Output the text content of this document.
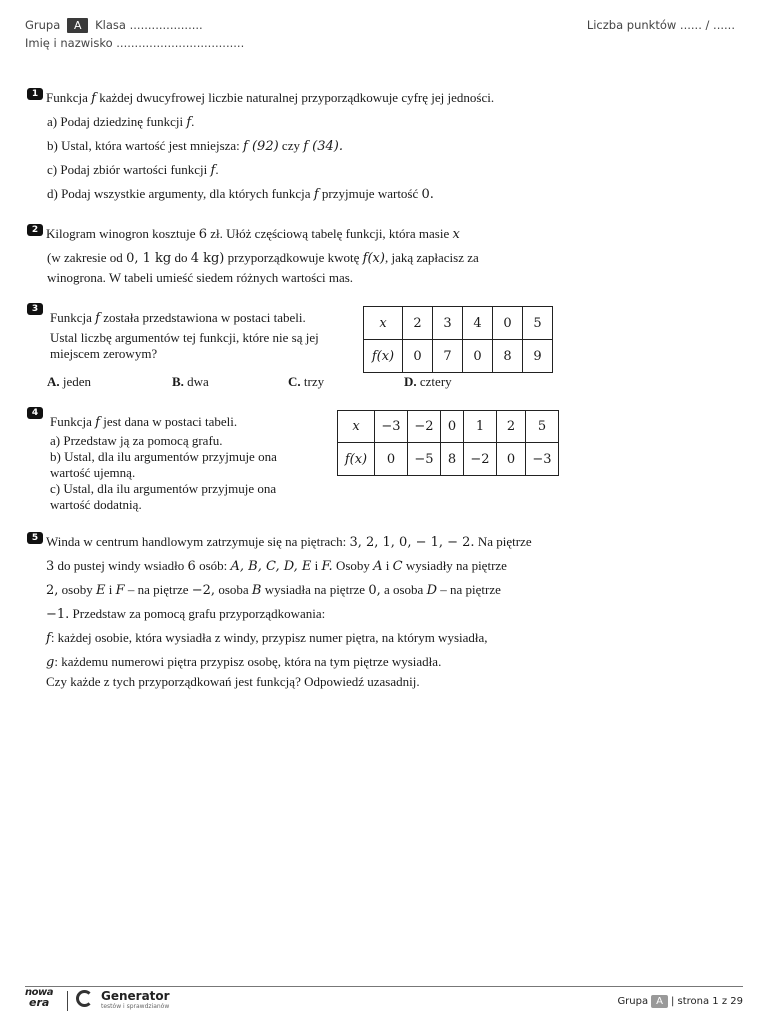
Grupa A Klasa ....................
Imię i nazwisko ...................................
Liczba punktów ...... / ......
1 Funkcja f każdej dwucyfrowej liczbie naturalnej przyporządkowuje cyfrę jej jedności.
a) Podaj dziedzinę funkcji f.
b) Ustal, która wartość jest mniejsza: f (92) czy f (34).
c) Podaj zbiór wartości funkcji f.
d) Podaj wszystkie argumenty, dla których funkcja f przyjmuje wartość 0.
2 Kilogram winogron kosztuje 6 zł. Ułóż częściową tabelę funkcji, która masie x
(w zakresie od 0, 1 kg do 4 kg) przyporządkowuje kwotę f(x), jaką zapłacisz za
winogrona. W tabeli umieść siedem różnych wartości mas.
3
Funkcja f została przedstawiona w postaci tabeli.
Ustal liczbę argumentów tej funkcji, które nie są jej
miejscem zerowym?
x	2	3	4	0	5
f(x)	0	7	0	8	9
A. jeden	B. dwa	C. trzy	D. cztery
4
Funkcja f jest dana w postaci tabeli.
a) Przedstaw ją za pomocą grafu.
b) Ustal, dla ilu argumentów przyjmuje ona
wartość ujemną.
c) Ustal, dla ilu argumentów przyjmuje ona
wartość dodatnią.
x	−3	−2	0	1	2	5
f(x)	0	−5	8	−2	0	−3
5 Winda w centrum handlowym zatrzymuje się na piętrach: 3, 2, 1, 0, − 1, − 2. Na piętrze
3 do pustej windy wsiadło 6 osób: A, B, C, D, E i F. Osoby A i C wysiadły na piętrze
2, osoby E i F – na piętrze −2, osoba B wysiadła na piętrze 0, a osoba D – na piętrze
−1. Przedstaw za pomocą grafu przyporządkowania:
f: każdej osobie, która wysiadła z windy, przypisz numer piętra, na którym wysiadła,
g: każdemu numerowi piętra przypisz osobę, która na tym piętrze wysiadła.
Czy każde z tych przyporządkowań jest funkcją? Odpowiedź uzasadnij.
nowa
era	Generator
testów i sprawdzianów	Grupa A | strona 1 z 29
